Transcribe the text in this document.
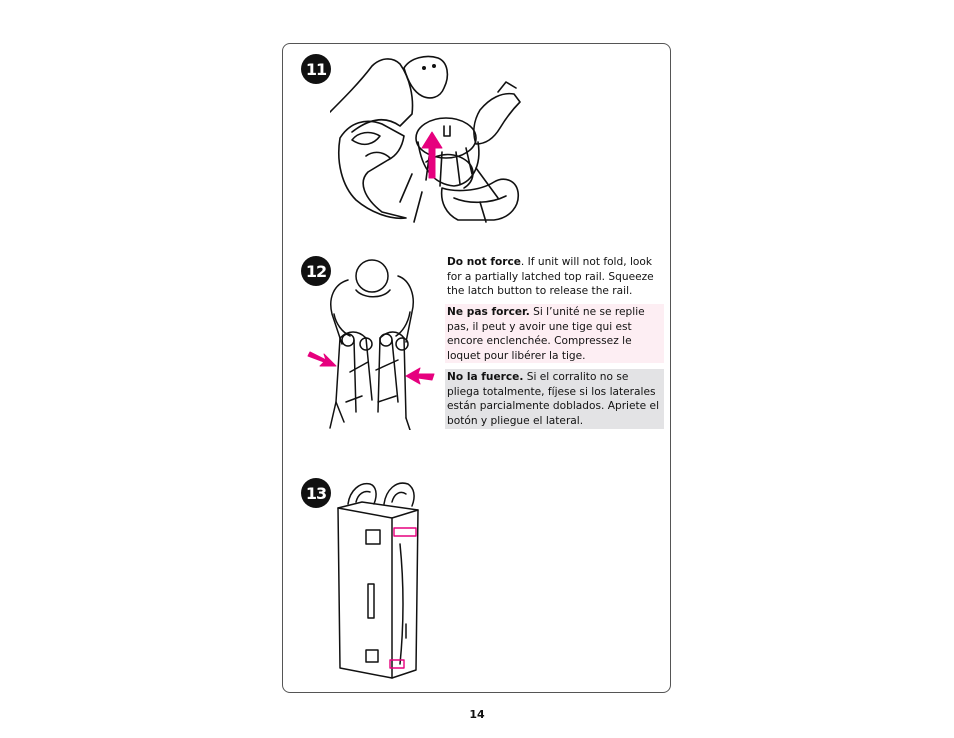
11
12	Do not force. If unit will not fold, look for a partially latched top rail. Squeeze the latch button to release the rail.
Ne pas forcer. Si l’unité ne se replie pas, il peut y avoir une tige qui est encore enclenchée. Compressez le loquet pour libérer la tige.
No la fuerce. Si el corralito no se pliega totalmente, fíjese si los laterales están parcialmente doblados. Apriete el botón y pliegue el lateral.
13
14
